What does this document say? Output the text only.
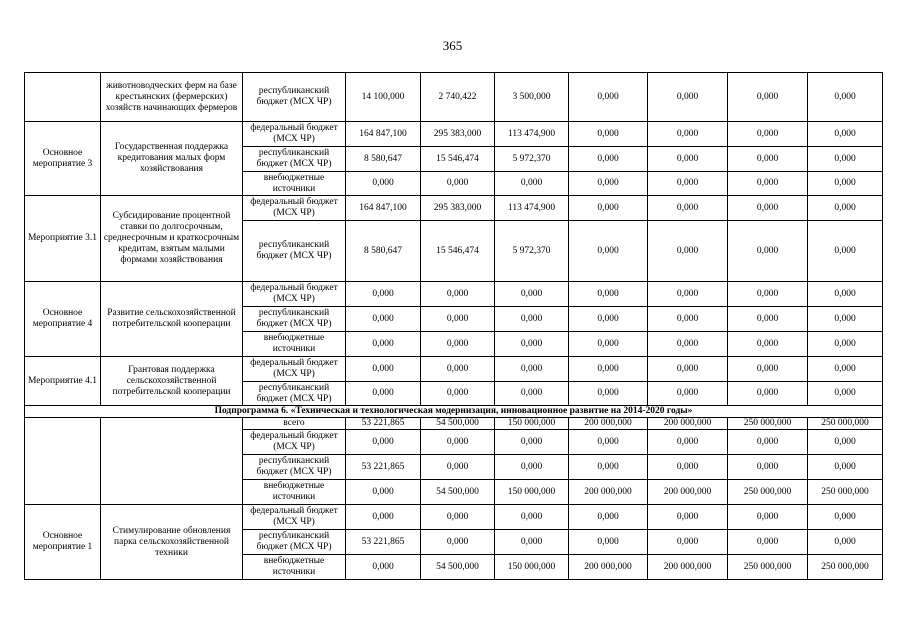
365
	животноводческих ферм на базе крестьянских (фермерских) хозяйств начинающих фермеров	республиканский бюджет (МСХ ЧР)	14 100,000	2 740,422	3 500,000	0,000	0,000	0,000	0,000
Основное мероприятие 3	Государственная поддержка кредитования малых форм хозяйствования	федеральный бюджет (МСХ ЧР)	164 847,100	295 383,000	113 474,900	0,000	0,000	0,000	0,000
		республиканский бюджет (МСХ ЧР)	8 580,647	15 546,474	5 972,370	0,000	0,000	0,000	0,000
		внебюджетные источники	0,000	0,000	0,000	0,000	0,000	0,000	0,000
Мероприятие 3.1	Субсидирование процентной ставки по долгосрочным, среднесрочным и краткосрочным кредитам, взятым малыми формами хозяйствования	федеральный бюджет (МСХ ЧР)	164 847,100	295 383,000	113 474,900	0,000	0,000	0,000	0,000
		республиканский бюджет (МСХ ЧР)	8 580,647	15 546,474	5 972,370	0,000	0,000	0,000	0,000
Основное мероприятие 4	Развитие сельскохозяйственной потребительской кооперации	федеральный бюджет (МСХ ЧР)	0,000	0,000	0,000	0,000	0,000	0,000	0,000
		республиканский бюджет (МСХ ЧР)	0,000	0,000	0,000	0,000	0,000	0,000	0,000
		внебюджетные источники	0,000	0,000	0,000	0,000	0,000	0,000	0,000
Мероприятие 4.1	Грантовая поддержка сельскохозяйственной потребительской кооперации	федеральный бюджет (МСХ ЧР)	0,000	0,000	0,000	0,000	0,000	0,000	0,000
		республиканский бюджет (МСХ ЧР)	0,000	0,000	0,000	0,000	0,000	0,000	0,000
Подпрограмма 6. «Техническая и технологическая модернизация, инновационное развитие на 2014-2020 годы»									
		всего	53 221,865	54 500,000	150 000,000	200 000,000	200 000,000	250 000,000	250 000,000
		федеральный бюджет (МСХ ЧР)	0,000	0,000	0,000	0,000	0,000	0,000	0,000
		республиканский бюджет (МСХ ЧР)	53 221,865	0,000	0,000	0,000	0,000	0,000	0,000
		внебюджетные источники	0,000	54 500,000	150 000,000	200 000,000	200 000,000	250 000,000	250 000,000
Основное мероприятие 1	Стимулирование обновления парка сельскохозяйственной техники	федеральный бюджет (МСХ ЧР)	0,000	0,000	0,000	0,000	0,000	0,000	0,000
		республиканский бюджет (МСХ ЧР)	53 221,865	0,000	0,000	0,000	0,000	0,000	0,000
		внебюджетные источники	0,000	54 500,000	150 000,000	200 000,000	200 000,000	250 000,000	250 000,000
